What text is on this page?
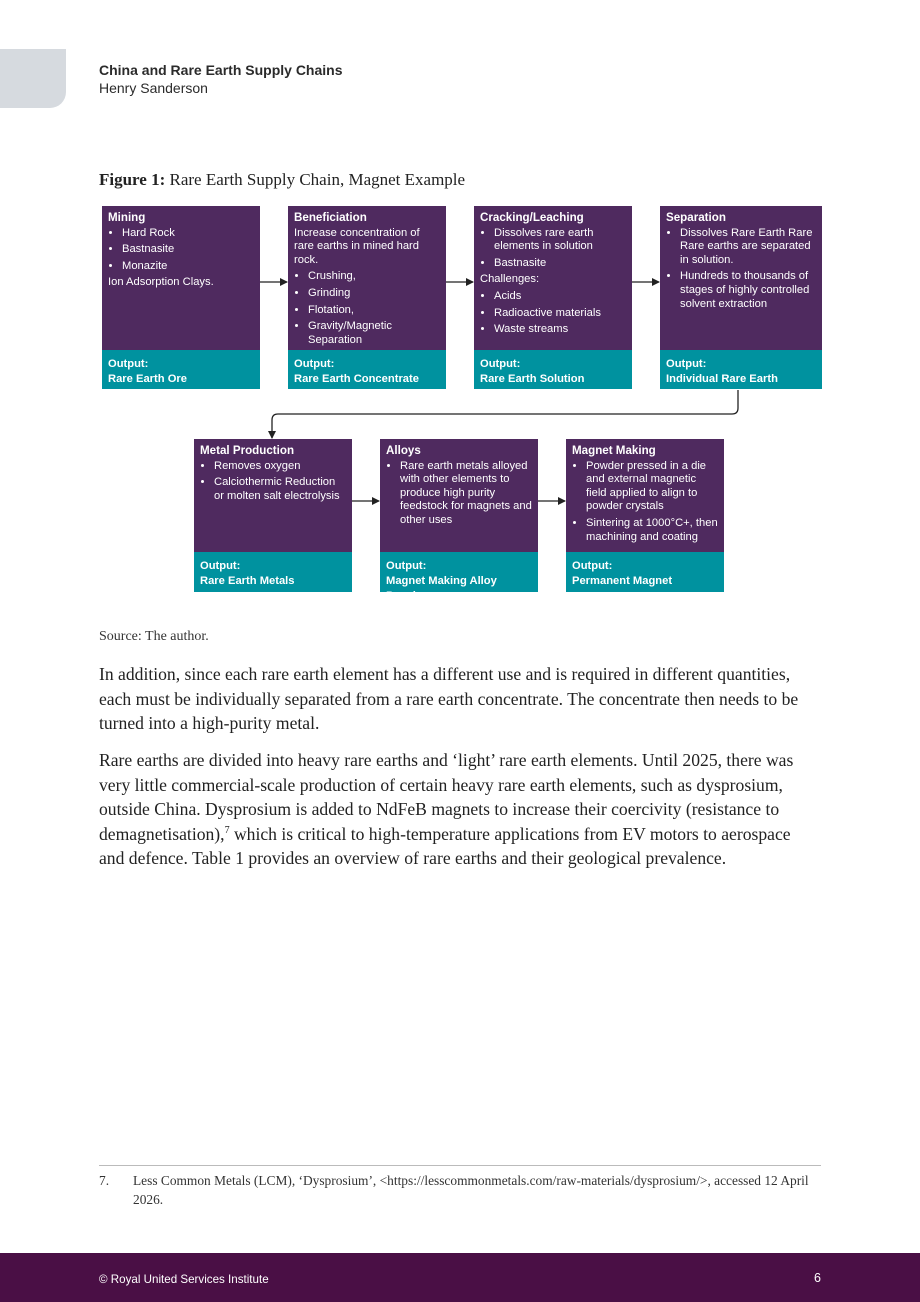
China and Rare Earth Supply Chains
Henry Sanderson
Figure 1: Rare Earth Supply Chain, Magnet Example
Mining
• Hard Rock
• Bastnasite
• Monazite
Ion Adsorption Clays.
Output:
Rare Earth Ore
Beneficiation
Increase concentration of rare earths in mined hard rock.
• Crushing,
• Grinding
• Flotation,
• Gravity/Magnetic Separation
Output:
Rare Earth Concentrate
Cracking/Leaching
• Dissolves rare earth elements in solution
• Bastnasite
Challenges:
• Acids
• Radioactive materials
• Waste streams
Output:
Rare Earth Solution
Separation
• Dissolves Rare Earth Rare Rare earths are separated in solution.
• Hundreds to thousands of stages of highly controlled solvent extraction
Output:
Individual Rare Earth Oxides
Metal Production
• Removes oxygen
• Calciothermic Reduction or molten salt electrolysis
Output:
Rare Earth Metals
Alloys
• Rare earth metals alloyed with other elements to produce high purity feedstock for magnets and other uses
Output:
Magnet Making Alloy Powder
Magnet Making
• Powder pressed in a die and external magnetic field applied to align to powder crystals
• Sintering at 1000°C+, then machining and coating
Output:
Permanent Magnet
Source: The author.

In addition, since each rare earth element has a different use and is required in different quantities, each must be individually separated from a rare earth concentrate. The concentrate then needs to be turned into a high-purity metal.

Rare earths are divided into heavy rare earths and ‘light’ rare earth elements. Until 2025, there was very little commercial-scale production of certain heavy rare earth elements, such as dysprosium, outside China. Dysprosium is added to NdFeB magnets to increase their coercivity (resistance to demagnetisation),$^7$ which is critical to high-temperature applications from EV motors to aerospace and defence. Table 1 provides an overview of rare earths and their geological prevalence.

7. Less Common Metals (LCM), ‘Dysprosium’, <https://lesscommonmetals.com/raw-materials/dysprosium/>, accessed 12 April 2026.
© Royal United Services Institute	6
